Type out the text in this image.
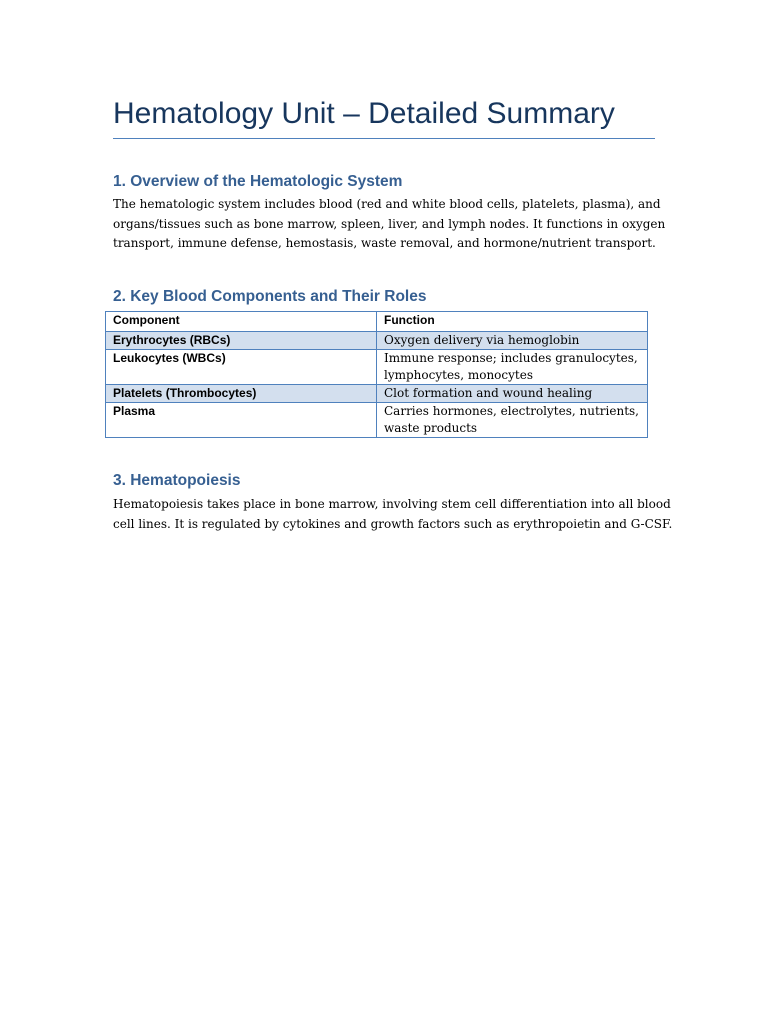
Hematology Unit – Detailed Summary
1. Overview of the Hematologic System
The hematologic system includes blood (red and white blood cells, platelets, plasma), and
organs/tissues such as bone marrow, spleen, liver, and lymph nodes. It functions in oxygen
transport, immune defense, hemostasis, waste removal, and hormone/nutrient transport.
2. Key Blood Components and Their Roles
Component	Function
Erythrocytes (RBCs)	Oxygen delivery via hemoglobin

Leukocytes (WBCs)	Immune response; includes granulocytes,
lymphocytes, monocytes

Platelets (Thrombocytes)	Clot formation and wound healing

Plasma	Carries hormones, electrolytes, nutrients,
waste products
3. Hematopoiesis
Hematopoiesis takes place in bone marrow, involving stem cell differentiation into all blood
cell lines. It is regulated by cytokines and growth factors such as erythropoietin and G-CSF.
